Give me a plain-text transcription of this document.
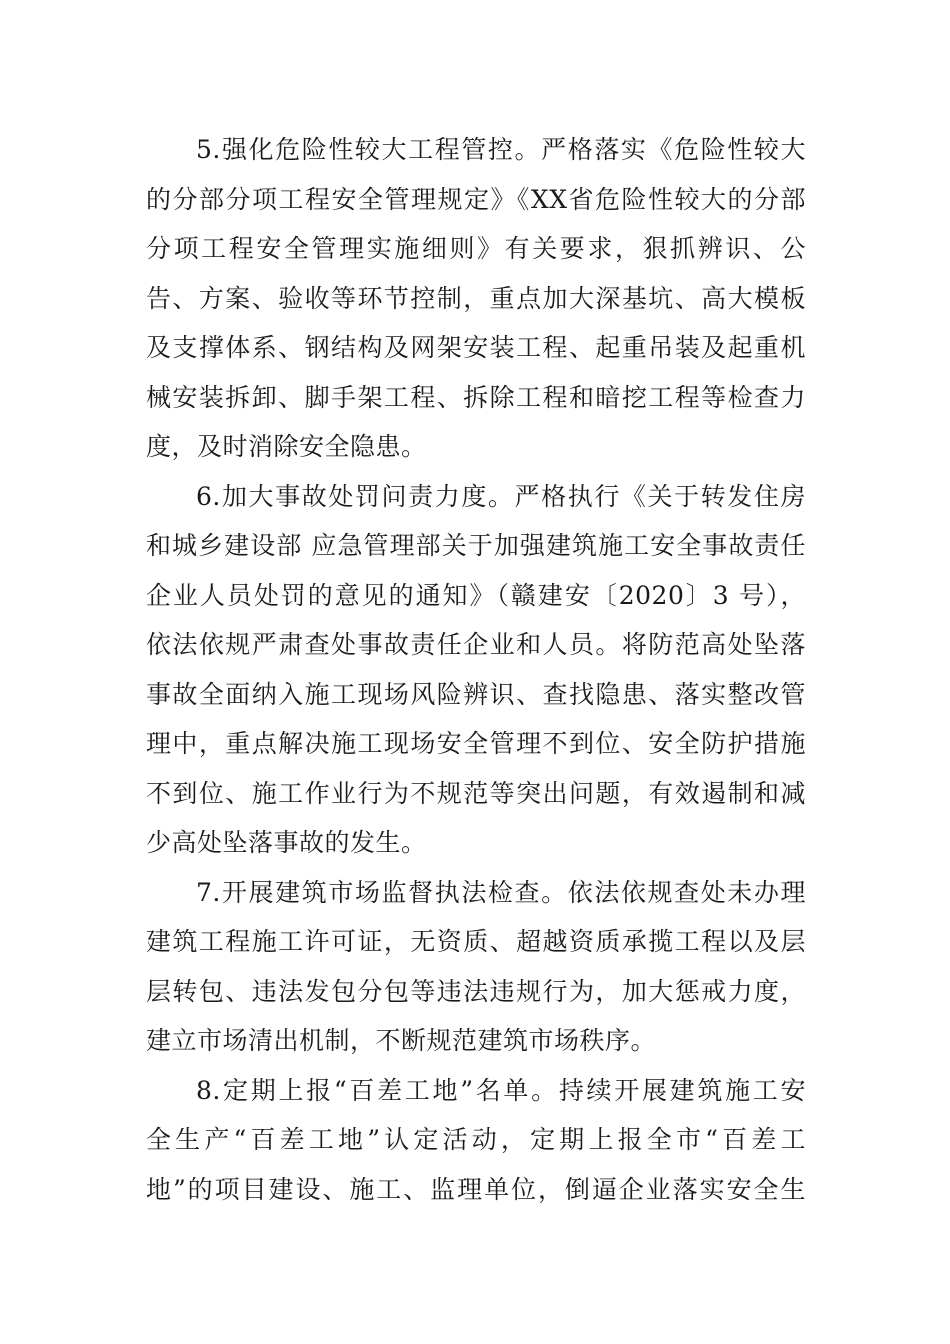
5.强化危险性较大工程管控。严格落实《危险性较大
的分部分项工程安全管理规定》《XX省危险性较大的分部
分项工程安全管理实施细则》有关要求，狠抓辨识、公
告、方案、验收等环节控制，重点加大深基坑、高大模板
及支撑体系、钢结构及网架安装工程、起重吊装及起重机
械安装拆卸、脚手架工程、拆除工程和暗挖工程等检查力
度，及时消除安全隐患。
6.加大事故处罚问责力度。严格执行《关于转发住房
和城乡建设部 应急管理部关于加强建筑施工安全事故责任
企业人员处罚的意见的通知》（赣建安〔2020〕3 号），
依法依规严肃查处事故责任企业和人员。将防范高处坠落
事故全面纳入施工现场风险辨识、查找隐患、落实整改管
理中，重点解决施工现场安全管理不到位、安全防护措施
不到位、施工作业行为不规范等突出问题，有效遏制和减
少高处坠落事故的发生。
7.开展建筑市场监督执法检查。依法依规查处未办理
建筑工程施工许可证，无资质、超越资质承揽工程以及层
层转包、违法发包分包等违法违规行为，加大惩戒力度，
建立市场清出机制，不断规范建筑市场秩序。
8.定期上报“百差工地”名单。持续开展建筑施工安
全生产“百差工地”认定活动，定期上报全市“百差工
地”的项目建设、施工、监理单位，倒逼企业落实安全生
